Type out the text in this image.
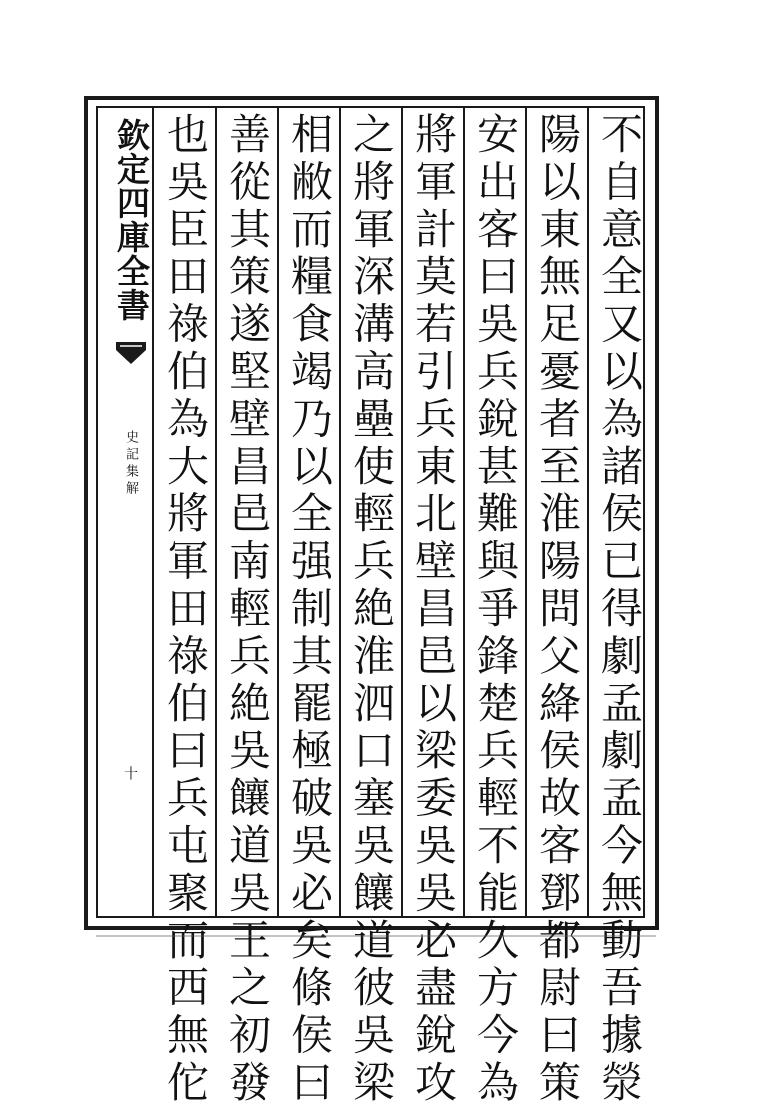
欽定四庫全書
史記集解
十	不自意全又以為諸侯已得劇孟劇孟今無動吾據滎
陽以東無足憂者至淮陽問父絳侯故客鄧都尉曰策
安出客曰吳兵銳甚難與爭鋒楚兵輕不能久方今為
將軍計莫若引兵東北壁昌邑以梁委吳吳必盡銳攻
之將軍深溝高壘使輕兵絶淮泗口塞吳饟道彼吳梁
相敝而糧食竭乃以全强制其罷極破吳必矣條侯曰
善從其策遂堅壁昌邑南輕兵絶吳饟道吳王之初發
也吳臣田祿伯為大將軍田祿伯曰兵屯聚而西無佗
